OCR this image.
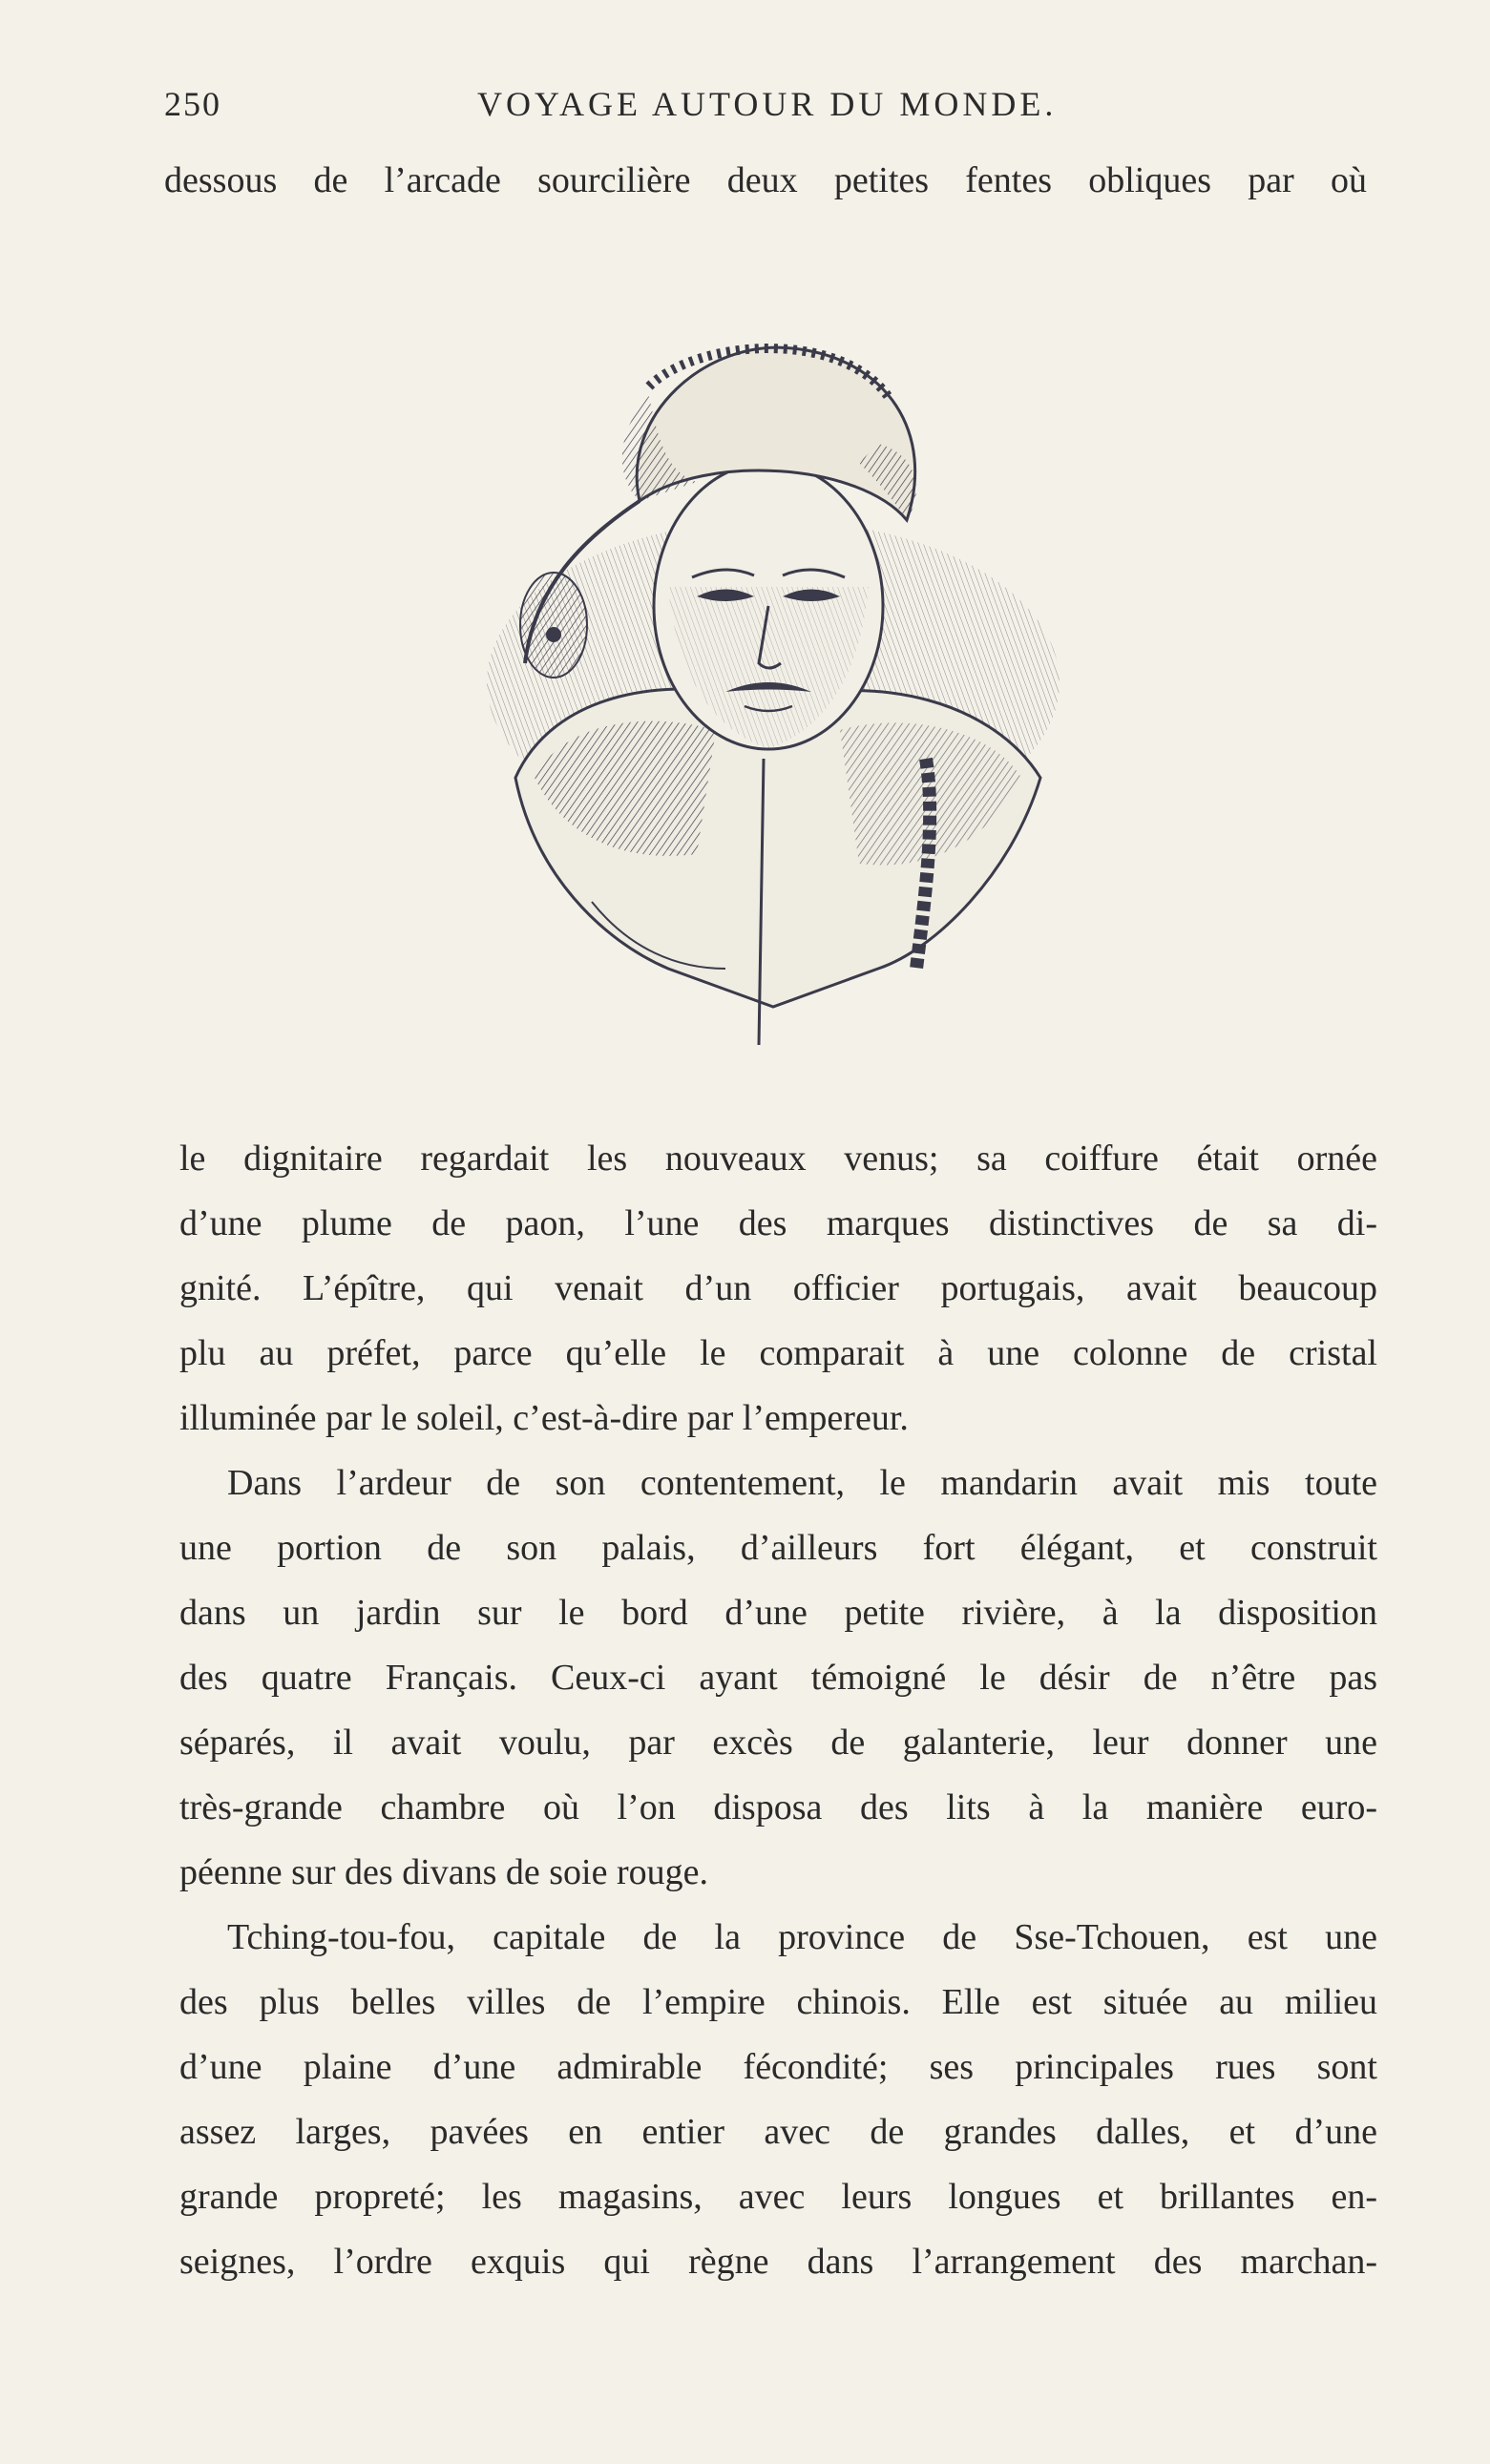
250	VOYAGE AUTOUR DU MONDE.
dessous de l’arcade sourcilière deux petites fentes obliques par où
le dignitaire regardait les nouveaux venus; sa coiffure était ornée
d’une plume de paon, l’une des marques distinctives de sa di-
gnité. L’épître, qui venait d’un officier portugais, avait beaucoup
plu au préfet, parce qu’elle le comparait à une colonne de cristal
illuminée par le soleil, c’est-à-dire par l’empereur.
Dans l’ardeur de son contentement, le mandarin avait mis toute
une portion de son palais, d’ailleurs fort élégant, et construit
dans un jardin sur le bord d’une petite rivière, à la disposition
des quatre Français. Ceux-ci ayant témoigné le désir de n’être pas
séparés, il avait voulu, par excès de galanterie, leur donner une
très-grande chambre où l’on disposa des lits à la manière euro-
péenne sur des divans de soie rouge.
Tching-tou-fou, capitale de la province de Sse-Tchouen, est une
des plus belles villes de l’empire chinois. Elle est située au milieu
d’une plaine d’une admirable fécondité; ses principales rues sont
assez larges, pavées en entier avec de grandes dalles, et d’une
grande propreté; les magasins, avec leurs longues et brillantes en-
seignes, l’ordre exquis qui règne dans l’arrangement des marchan-
